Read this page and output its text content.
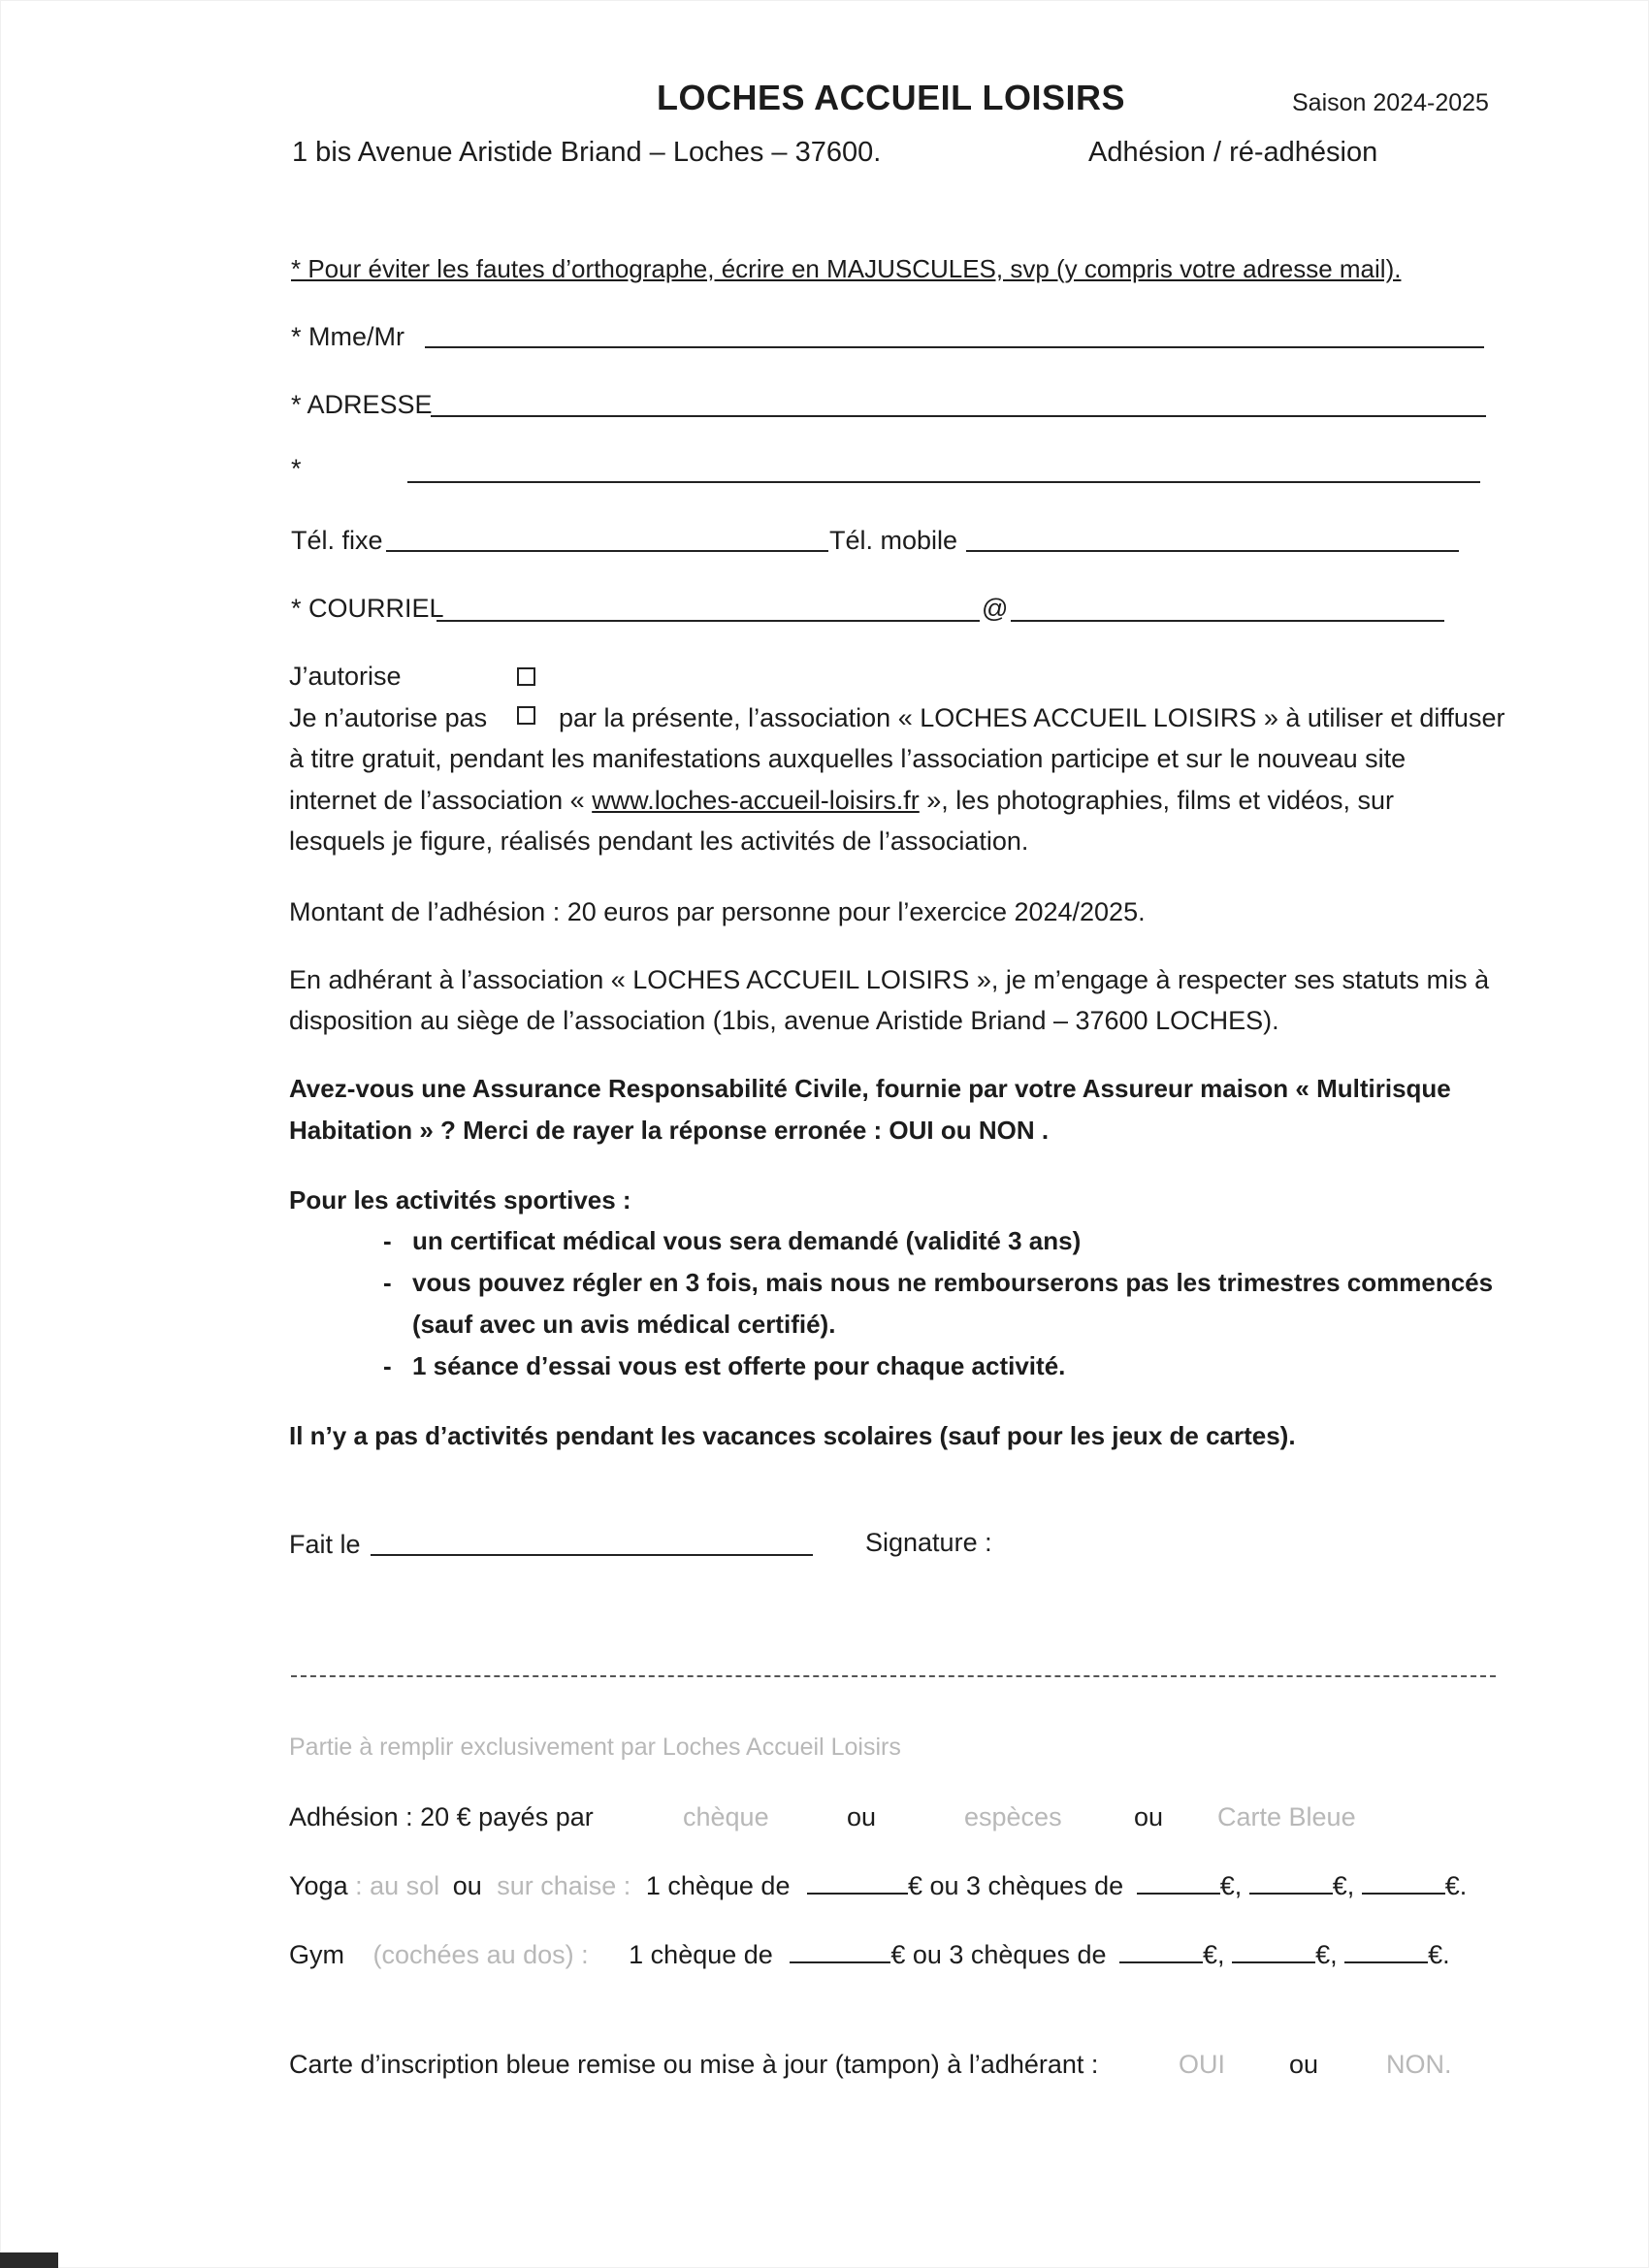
LOCHES ACCUEIL LOISIRS	Saison 2024-2025
1 bis Avenue Aristide Briand – Loches – 37600.	Adhésion / ré-adhésion
* Pour éviter les fautes d’orthographe, écrire en MAJUSCULES, svp (y compris votre adresse mail).
* Mme/Mr
* ADRESSE
*
Tél. fixe	Tél. mobile
* COURRIEL	@
J’autorise
Je n’autorise pas	par la présente, l’association « LOCHES ACCUEIL LOISIRS » à utiliser et diffuser
à titre gratuit, pendant les manifestations auxquelles l’association participe et sur le nouveau site
internet de l’association « www.loches-accueil-loisirs.fr », les photographies, films et vidéos, sur
lesquels je figure, réalisés pendant les activités de l’association.
Montant de l’adhésion : 20 euros par personne pour l’exercice 2024/2025.
En adhérant à l’association « LOCHES ACCUEIL LOISIRS », je m’engage à respecter ses statuts mis à
disposition au siège de l’association (1bis, avenue Aristide Briand – 37600 LOCHES).
Avez-vous une Assurance Responsabilité Civile, fournie par votre Assureur maison « Multirisque
Habitation » ? Merci de rayer la réponse erronée : OUI ou NON .
Pour les activités sportives :
- un certificat médical vous sera demandé (validité 3 ans)
- vous pouvez régler en 3 fois, mais nous ne rembourserons pas les trimestres commencés
(sauf avec un avis médical certifié).
- 1 séance d’essai vous est offerte pour chaque activité.
Il n’y a pas d’activités pendant les vacances scolaires (sauf pour les jeux de cartes).
Fait le	Signature :
Partie à remplir exclusivement par Loches Accueil Loisirs
Adhésion : 20 € payés par	chèque	ou	espèces	ou Carte Bleue
Yoga : au sol ou sur chaise : 1 chèque de	€ ou 3 chèques de	€,	€,	€.
Gym (cochées au dos) : 1 chèque de	€ ou 3 chèques de	€,	€,	€.
Carte d’inscription bleue remise ou mise à jour (tampon) à l’adhérant :	OUI ou	NON.
